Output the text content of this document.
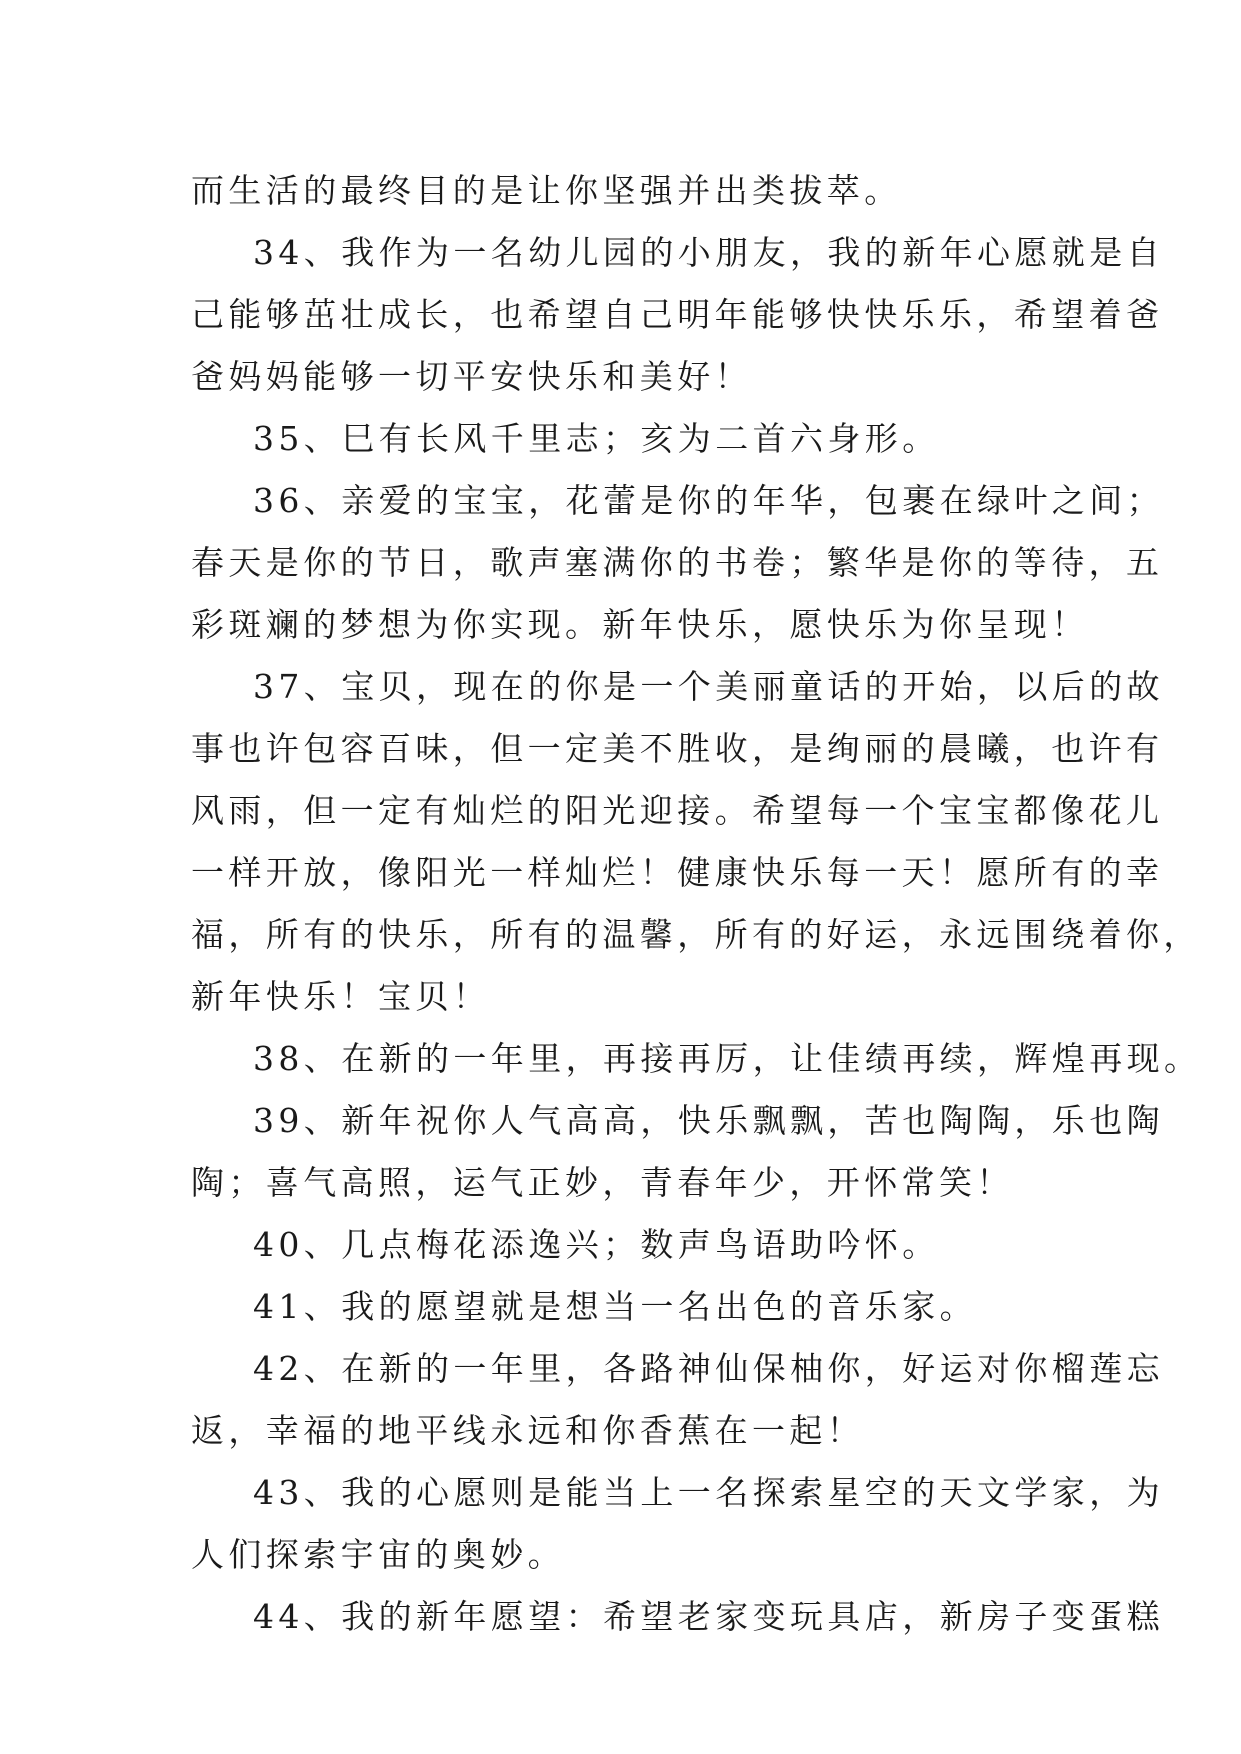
而生活的最终目的是让你坚强并出类拔萃。
34、我作为一名幼儿园的小朋友，我的新年心愿就是自
己能够茁壮成长，也希望自己明年能够快快乐乐，希望着爸
爸妈妈能够一切平安快乐和美好！
35、巳有长风千里志；亥为二首六身形。
36、亲爱的宝宝，花蕾是你的年华，包裹在绿叶之间；
春天是你的节日，歌声塞满你的书卷；繁华是你的等待，五
彩斑斓的梦想为你实现。新年快乐，愿快乐为你呈现！
37、宝贝，现在的你是一个美丽童话的开始，以后的故
事也许包容百味，但一定美不胜收，是绚丽的晨曦，也许有
风雨，但一定有灿烂的阳光迎接。希望每一个宝宝都像花儿
一样开放，像阳光一样灿烂！健康快乐每一天！愿所有的幸
福，所有的快乐，所有的温馨，所有的好运，永远围绕着你，
新年快乐！宝贝！
38、在新的一年里，再接再厉，让佳绩再续，辉煌再现。
39、新年祝你人气高高，快乐飘飘，苦也陶陶，乐也陶
陶；喜气高照，运气正妙，青春年少，开怀常笑！
40、几点梅花添逸兴；数声鸟语助吟怀。
41、我的愿望就是想当一名出色的音乐家。
42、在新的一年里，各路神仙保柚你，好运对你榴莲忘
返，幸福的地平线永远和你香蕉在一起！
43、我的心愿则是能当上一名探索星空的天文学家，为
人们探索宇宙的奥妙。
44、我的新年愿望：希望老家变玩具店，新房子变蛋糕
